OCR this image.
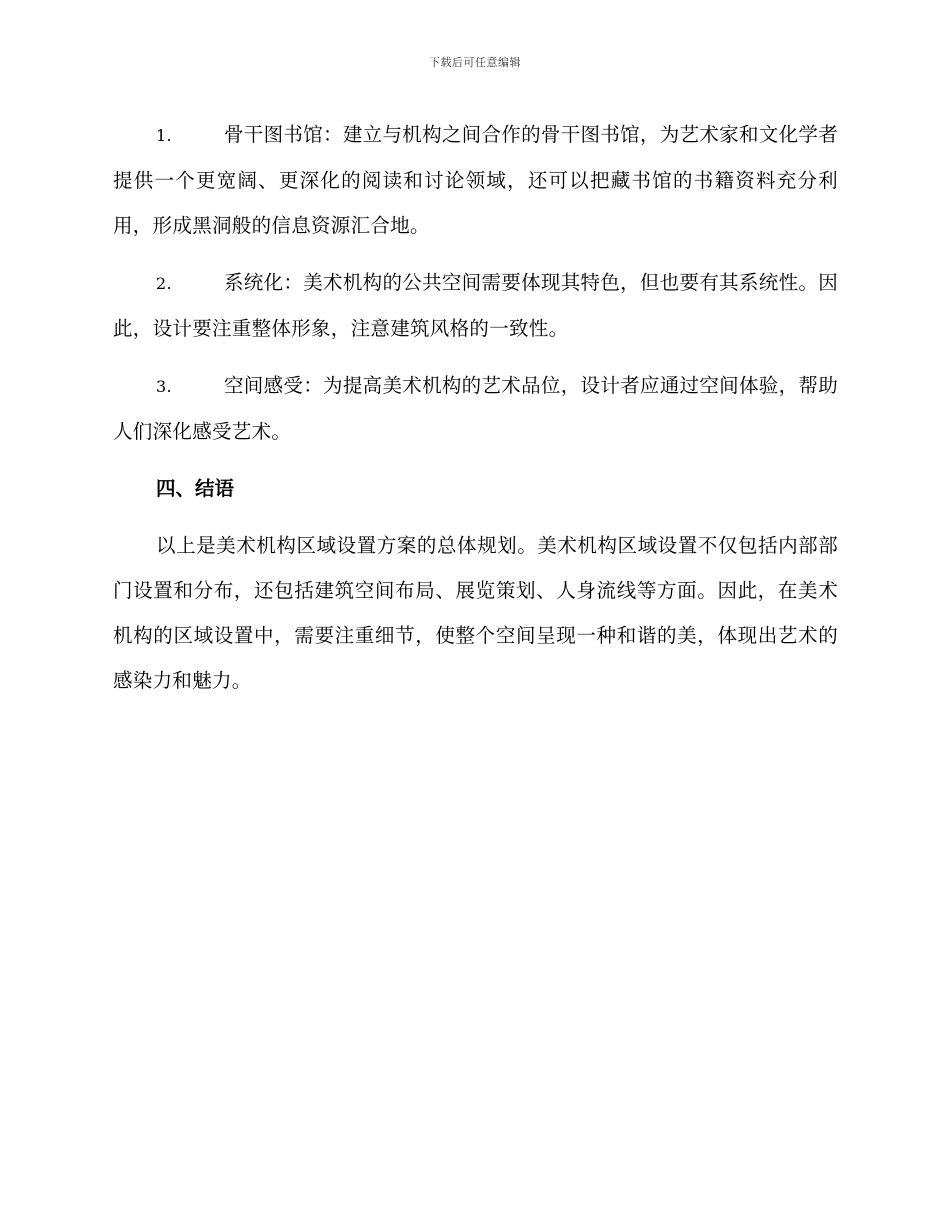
下载后可任意编辑

1.	骨干图书馆：建立与机构之间合作的骨干图书馆，为艺术家和文化学者提供一个更宽阔、更深化的阅读和讨论领域，还可以把藏书馆的书籍资料充分利用，形成黑洞般的信息资源汇合地。

2.	系统化：美术机构的公共空间需要体现其特色，但也要有其系统性。因此，设计要注重整体形象，注意建筑风格的一致性。

3.	空间感受：为提高美术机构的艺术品位，设计者应通过空间体验，帮助人们深化感受艺术。

四、结语

以上是美术机构区域设置方案的总体规划。美术机构区域设置不仅包括内部部门设置和分布，还包括建筑空间布局、展览策划、人身流线等方面。因此，在美术机构的区域设置中，需要注重细节，使整个空间呈现一种和谐的美，体现出艺术的感染力和魅力。
